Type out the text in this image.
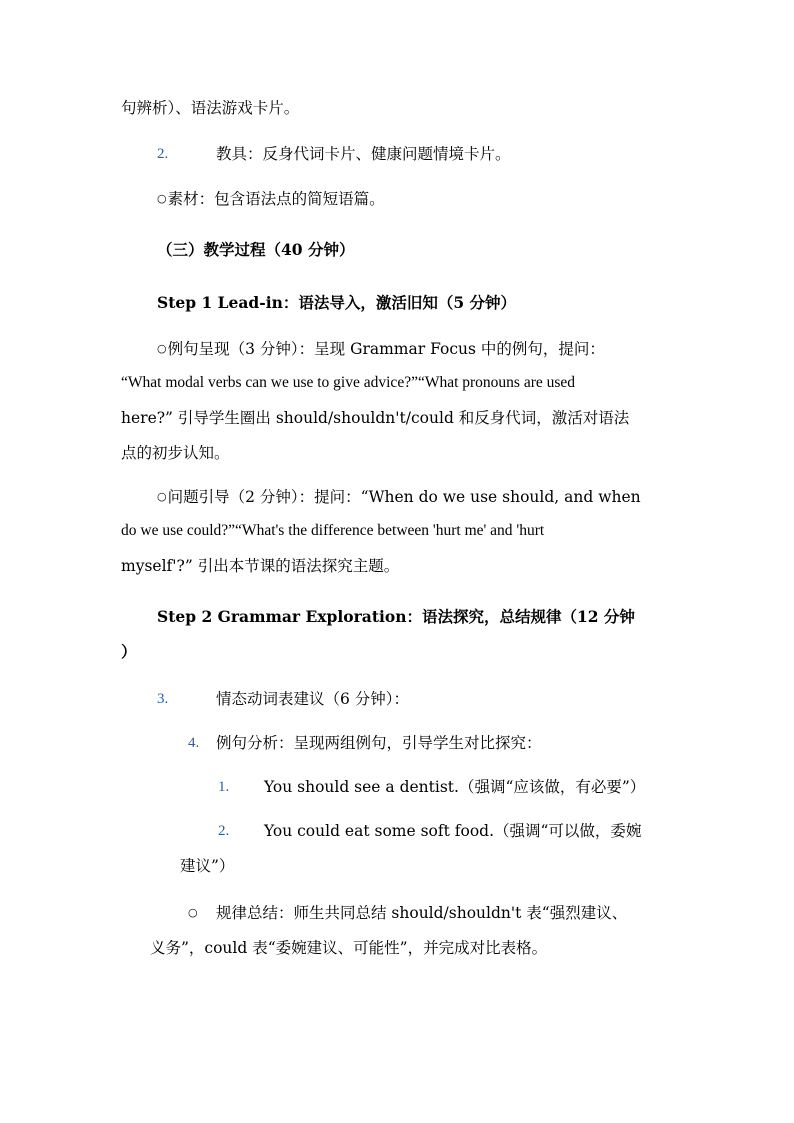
句辨析）、语法游戏卡片。
2.	教具：反身代词卡片、健康问题情境卡片。
○素材：包含语法点的简短语篇。
（三）教学过程（40 分钟）
Step 1 Lead-in：语法导入，激活旧知（5 分钟）
○例句呈现（3 分钟）：呈现 Grammar Focus 中的例句，提问：
“What modal verbs can we use to give advice?”“What pronouns are used
here?” 引导学生圈出 should/shouldn't/could 和反身代词，激活对语法
点的初步认知。
○问题引导（2 分钟）：提问：“When do we use should, and when
do we use could?”“What's the difference between 'hurt me' and 'hurt
myself'?” 引出本节课的语法探究主题。
Step 2 Grammar Exploration：语法探究，总结规律（12 分钟
）
3.	情态动词表建议（6 分钟）：
4. 例句分析：呈现两组例句，引导学生对比探究：
1. You should see a dentist.（强调“应该做，有必要”）
2. You could eat some soft food.（强调“可以做，委婉
建议”）
○ 规律总结：师生共同总结 should/shouldn't 表“强烈建议、
义务”，could 表“委婉建议、可能性”，并完成对比表格。
